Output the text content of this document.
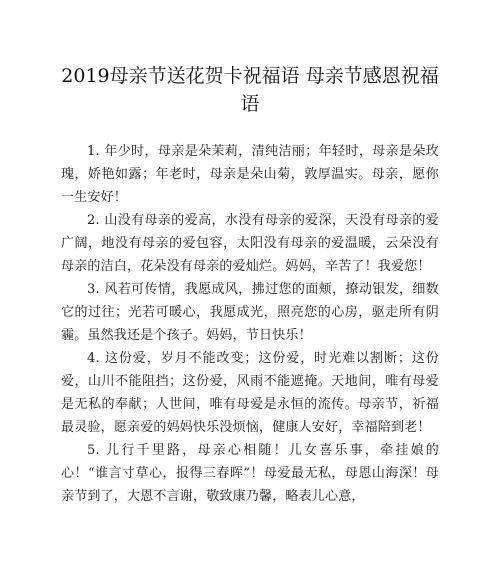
2019母亲节送花贺卡祝福语 母亲节感恩祝福语

1. 年少时，母亲是朵茉莉，清纯洁丽；年轻时，母亲是朵玫瑰，娇艳如露；年老时，母亲是朵山菊，敦厚温实。母亲，愿你一生安好！

2. 山没有母亲的爱高，水没有母亲的爱深，天没有母亲的爱广阔，地没有母亲的爱包容，太阳没有母亲的爱温暖，云朵没有母亲的洁白，花朵没有母亲的爱灿烂。妈妈，辛苦了！我爱您！

3. 风若可传情，我愿成风，拂过您的面颊，撩动银发，细数它的过往；光若可暖心，我愿成光，照亮您的心房，驱走所有阴霾。虽然我还是个孩子。妈妈，节日快乐！

4. 这份爱，岁月不能改变；这份爱，时光难以割断；这份爱，山川不能阻挡；这份爱，风雨不能遮掩。天地间，唯有母爱是无私的奉献；人世间，唯有母爱是永恒的流传。母亲节，祈福最灵验，愿亲爱的妈妈快乐没烦恼，健康人安好，幸福陪到老！

5. 儿行千里路，母亲心相随！儿女喜乐事，牵挂娘的心！“谁言寸草心，报得三春晖”！母爱最无私，母恩山海深！母亲节到了，大恩不言谢，敬致康乃馨，略表儿心意，
